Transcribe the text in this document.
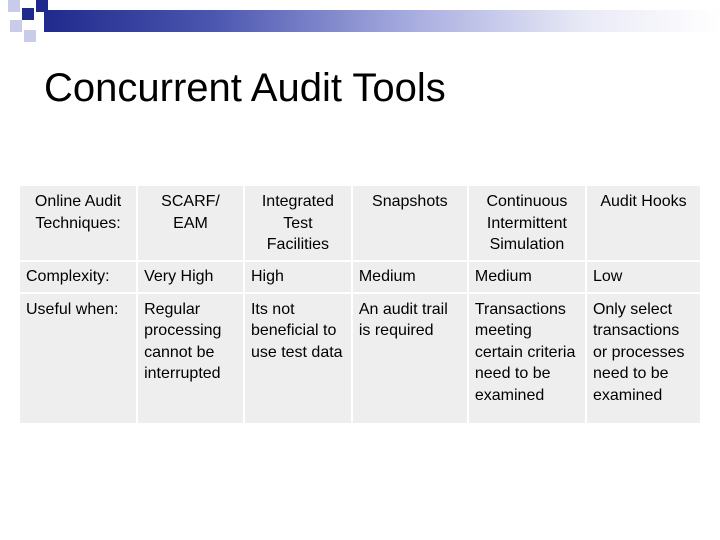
Concurrent Audit Tools
Online Audit Techniques:	SCARF/ EAM	Integrated Test Facilities	Snapshots	Continuous Intermittent Simulation	Audit Hooks
Complexity:	Very High	High	Medium	Medium	Low
Useful when:	Regular processing cannot be interrupted	Its not beneficial to use test data	An audit trail is required	Transactions meeting certain criteria need to be examined	Only select transactions or processes need to be examined
